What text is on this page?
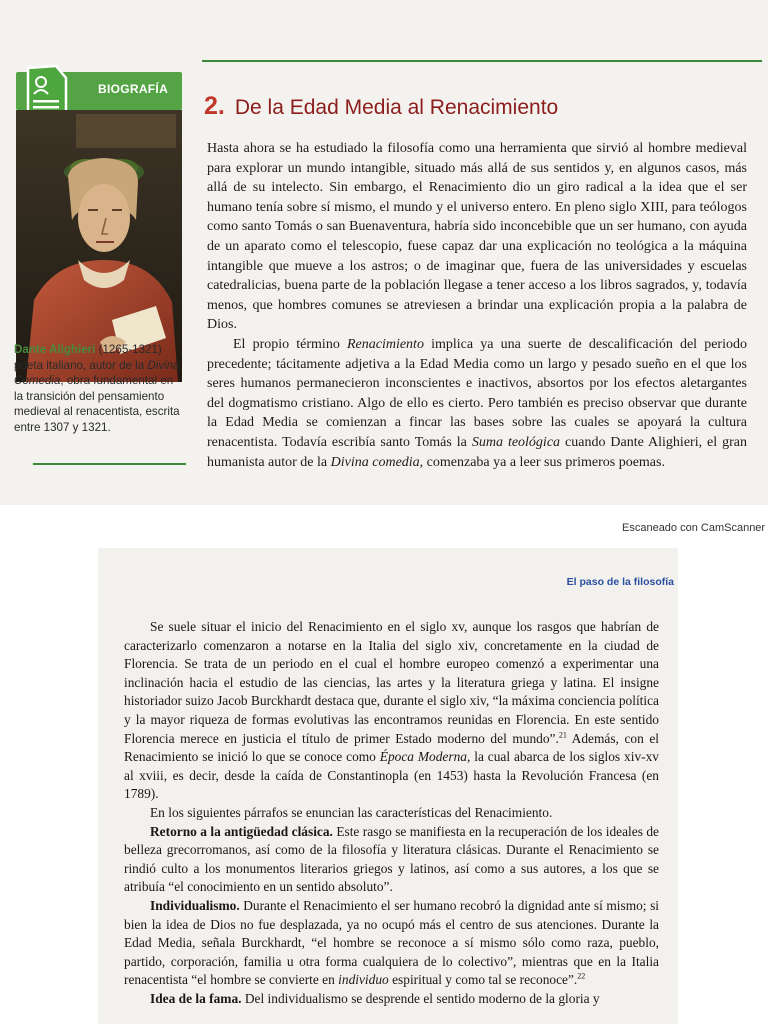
BIOGRAFÍA
Dante Alighieri (1265-1321) poeta italiano, autor de la Divina Comedia, obra fundamental en la transición del pensamiento medieval al renacentista, escrita entre 1307 y 1321.
2. De la Edad Media al Renacimiento

Hasta ahora se ha estudiado la filosofía como una herramienta que sirvió al hombre medieval para explorar un mundo intangible, situado más allá de sus sentidos y, en algunos casos, más allá de su intelecto. Sin embargo, el Renacimiento dio un giro radical a la idea que el ser humano tenía sobre sí mismo, el mundo y el universo entero. En pleno siglo XIII, para teólogos como santo Tomás o san Buenaventura, habría sido inconcebible que un ser humano, con ayuda de un aparato como el telescopio, fuese capaz dar una explicación no teológica a la máquina intangible que mueve a los astros; o de imaginar que, fuera de las universidades y escuelas catedralicias, buena parte de la población llegase a tener acceso a los libros sagrados, y, todavía menos, que hombres comunes se atreviesen a brindar una explicación propia a la palabra de Dios.

El propio término Renacimiento implica ya una suerte de descalificación del periodo precedente; tácitamente adjetiva a la Edad Media como un largo y pesado sueño en el que los seres humanos permanecieron inconscientes e inactivos, absortos por los efectos aletargantes del dogmatismo cristiano. Algo de ello es cierto. Pero también es preciso observar que durante la Edad Media se comienzan a fincar las bases sobre las cuales se apoyará la cultura renacentista. Todavía escribía santo Tomás la Suma teológica cuando Dante Alighieri, el gran humanista autor de la Divina comedia, comenzaba ya a leer sus primeros poemas.

Escaneado con CamScanner
El paso de la filosofía

Se suele situar el inicio del Renacimiento en el siglo xv, aunque los rasgos que habrían de caracterizarlo comenzaron a notarse en la Italia del siglo xiv, concretamente en la ciudad de Florencia. Se trata de un periodo en el cual el hombre europeo comenzó a experimentar una inclinación hacia el estudio de las ciencias, las artes y la literatura griega y latina. El insigne historiador suizo Jacob Burckhardt destaca que, durante el siglo xiv, “la máxima conciencia política y la mayor riqueza de formas evolutivas las encontramos reunidas en Florencia. En este sentido Florencia merece en justicia el título de primer Estado moderno del mundo”.$^{21}$ Además, con el Renacimiento se inició lo que se conoce como Época Moderna, la cual abarca de los siglos xiv-xv al xviii, es decir, desde la caída de Constantinopla (en 1453) hasta la Revolución Francesa (en 1789).

En los siguientes párrafos se enuncian las características del Renacimiento.

Retorno a la antigüedad clásica. Este rasgo se manifiesta en la recuperación de los ideales de belleza grecorromanos, así como de la filosofía y literatura clásicas. Durante el Renacimiento se rindió culto a los monumentos literarios griegos y latinos, así como a sus autores, a los que se atribuía “el conocimiento en un sentido absoluto”.

Individualismo. Durante el Renacimiento el ser humano recobró la dignidad ante sí mismo; si bien la idea de Dios no fue desplazada, ya no ocupó más el centro de sus atenciones. Durante la Edad Media, señala Burckhardt, “el hombre se reconoce a sí mismo sólo como raza, pueblo, partido, corporación, familia u otra forma cualquiera de lo colectivo”, mientras que en la Italia renacentista “el hombre se convierte en individuo espiritual y como tal se reconoce”.$^{22}$

Idea de la fama. Del individualismo se desprende el sentido moderno de la gloria y
